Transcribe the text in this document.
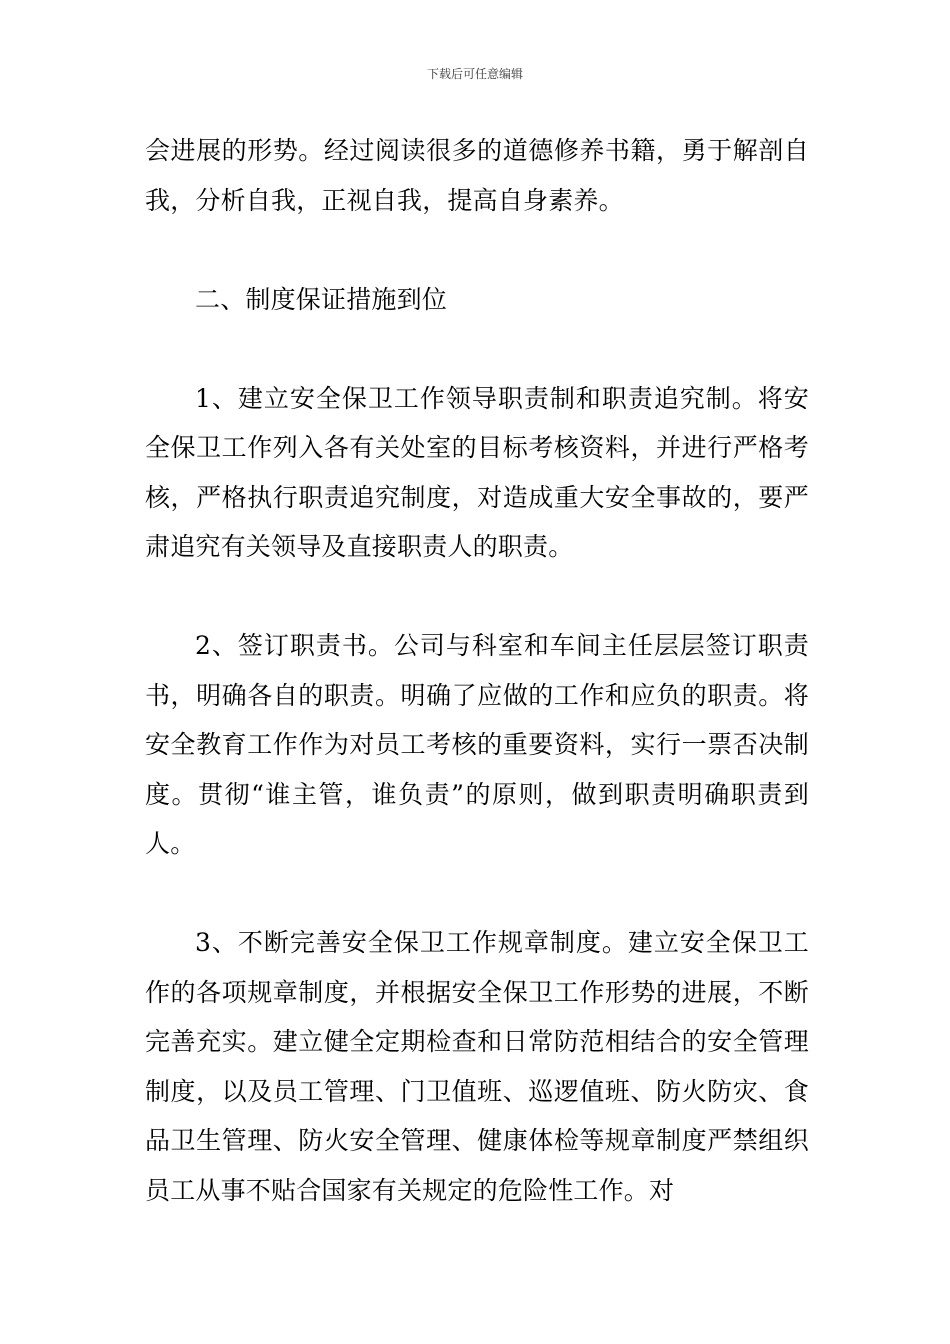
下载后可任意编辑

会进展的形势。经过阅读很多的道德修养书籍，勇于解剖自我，分析自我，正视自我，提高自身素养。

二、制度保证措施到位

1、建立安全保卫工作领导职责制和职责追究制。将安全保卫工作列入各有关处室的目标考核资料，并进行严格考核，严格执行职责追究制度，对造成重大安全事故的，要严肃追究有关领导及直接职责人的职责。

2、签订职责书。公司与科室和车间主任层层签订职责书，明确各自的职责。明确了应做的工作和应负的职责。将安全教育工作作为对员工考核的重要资料，实行一票否决制度。贯彻“谁主管，谁负责”的原则，做到职责明确职责到人。

3、不断完善安全保卫工作规章制度。建立安全保卫工作的各项规章制度，并根据安全保卫工作形势的进展，不断完善充实。建立健全定期检查和日常防范相结合的安全管理制度，以及员工管理、门卫值班、巡逻值班、防火防灾、食品卫生管理、防火安全管理、健康体检等规章制度严禁组织员工从事不贴合国家有关规定的危险性工作。对
